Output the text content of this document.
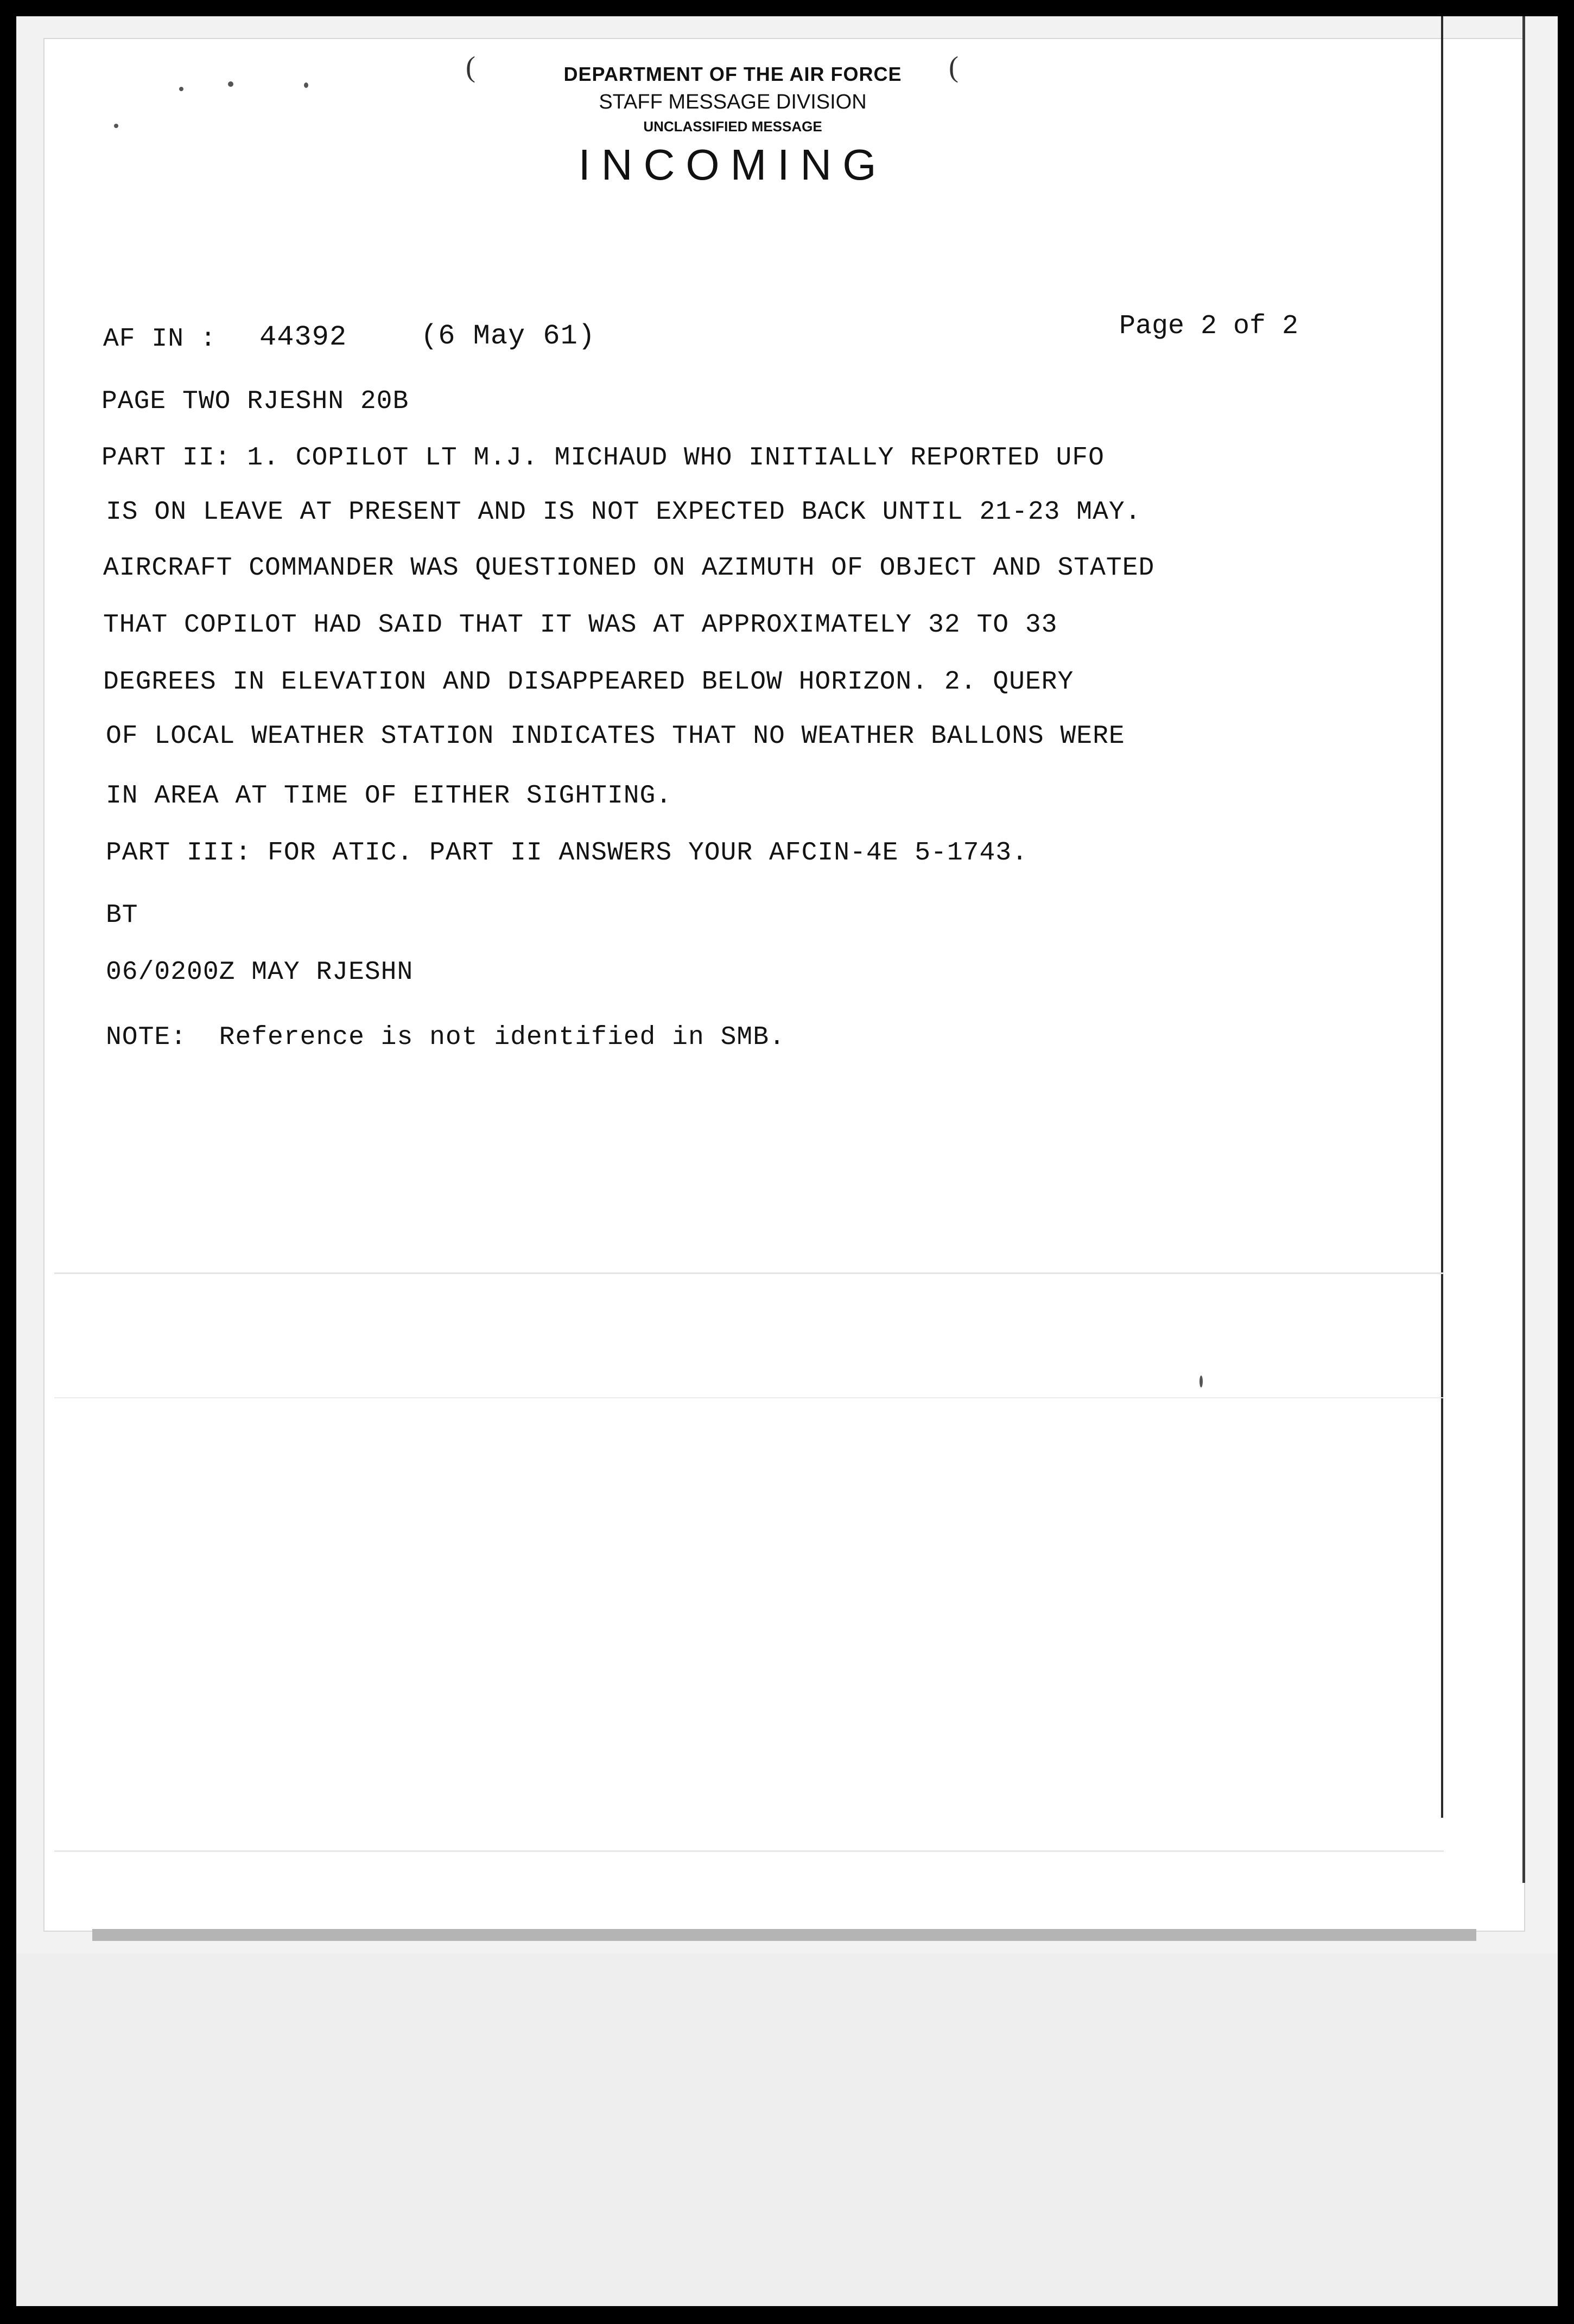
(	(
DEPARTMENT OF THE AIR FORCE
STAFF MESSAGE DIVISION
UNCLASSIFIED MESSAGE
INCOMING
AF IN : 44392	(6 May 61)	Page 2 of 2
PAGE TWO RJESHN 20B
PART II: 1. COPILOT LT M.J. MICHAUD WHO INITIALLY REPORTED UFO
IS ON LEAVE AT PRESENT AND IS NOT EXPECTED BACK UNTIL 21-23 MAY.
AIRCRAFT COMMANDER WAS QUESTIONED ON AZIMUTH OF OBJECT AND STATED
THAT COPILOT HAD SAID THAT IT WAS AT APPROXIMATELY 32 TO 33
DEGREES IN ELEVATION AND DISAPPEARED BELOW HORIZON. 2. QUERY
OF LOCAL WEATHER STATION INDICATES THAT NO WEATHER BALLONS WERE
IN AREA AT TIME OF EITHER SIGHTING.
PART III: FOR ATIC. PART II ANSWERS YOUR AFCIN-4E 5-1743.
BT
06/0200Z MAY RJESHN
NOTE:  Reference is not identified in SMB.
